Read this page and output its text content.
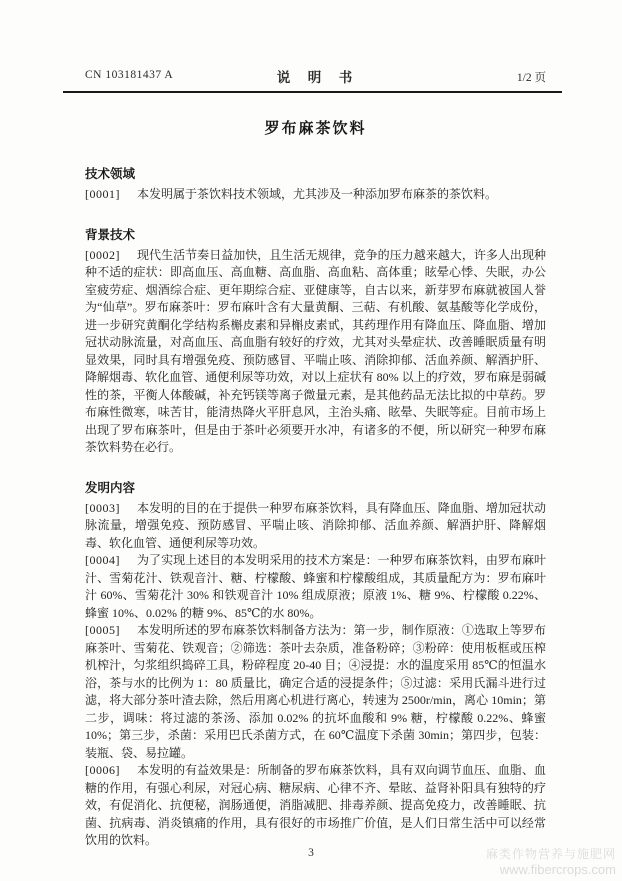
CN 103181437 A	说　明　书	1/2 页
罗布麻茶饮料
技术领域

[0001] 本发明属于茶饮料技术领域，尤其涉及一种添加罗布麻茶的茶饮料。

背景技术

[0002] 现代生活节奏日益加快，且生活无规律，竞争的压力越来越大，许多人出现种种不适的症状：即高血压、高血糖、高血脂、高血粘、高体重；眩晕心悸、失眠，办公室疲劳症、烟酒综合症、更年期综合症、亚健康等，自古以来，新芽罗布麻就被国人誉为“仙草”。罗布麻茶叶：罗布麻叶含有大量黄酮、三萜、有机酸、氨基酸等化学成份，进一步研究黄酮化学结构系槲皮素和异槲皮素甙，其药理作用有降血压、降血脂、增加冠状动脉流量，对高血压、高血脂有较好的疗效，尤其对头晕症状、改善睡眠质量有明显效果，同时具有增强免疫、预防感冒、平喘止咳、消除抑郁、活血养颜、解酒护肝、降解烟毒、软化血管、通便利尿等功效，对以上症状有 80% 以上的疗效，罗布麻是弱碱性的茶，平衡人体酸碱，补充钙镁等离子微量元素，是其他药品无法比拟的中草药。罗布麻性微寒，味苦甘，能清热降火平肝息风，主治头痛、眩晕、失眠等症。目前市场上出现了罗布麻茶叶，但是由于茶叶必须要开水冲，有诸多的不便，所以研究一种罗布麻茶饮料势在必行。

发明内容

[0003] 本发明的目的在于提供一种罗布麻茶饮料，具有降血压、降血脂、增加冠状动脉流量，增强免疫、预防感冒、平喘止咳、消除抑郁、活血养颜、解酒护肝、降解烟毒、软化血管、通便利尿等功效。

[0004] 为了实现上述目的本发明采用的技术方案是：一种罗布麻茶饮料，由罗布麻叶汁、雪菊花汁、铁观音汁、糖、柠檬酸、蜂蜜和柠檬酸组成，其质量配方为：罗布麻叶汁 60%、雪菊花汁 30% 和铁观音汁 10% 组成原液；原液 1%、糖 9%、柠檬酸 0.22%、蜂蜜 10%、0.02% 的糖 9%、85℃的水 80%。

[0005] 本发明所述的罗布麻茶饮料制备方法为：第一步，制作原液：①选取上等罗布麻茶叶、雪菊花、铁观音；②筛选：茶叶去杂质，准备粉碎；③粉碎：使用板框或压榨机榨汁，匀浆组织捣碎工具，粉碎程度 20-40 目；④浸提：水的温度采用 85℃的恒温水浴，茶与水的比例为 1：80 质量比，确定合适的浸提条件；⑤过滤：采用氏漏斗进行过滤，将大部分茶叶渣去除，然后用离心机进行离心，转速为 2500r/min，离心 10min；第二步，调味：将过滤的茶汤、添加 0.02% 的抗坏血酸和 9% 糖，柠檬酸 0.22%、蜂蜜 10%；第三步，杀菌：采用巴氏杀菌方式，在 60℃温度下杀菌 30min；第四步，包装：装瓶、袋、易拉罐。

[0006] 本发明的有益效果是：所制备的罗布麻茶饮料，具有双向调节血压、血脂、血糖的作用，有强心利尿，对冠心病、糖尿病、心律不齐、晕眩、益肾补阳具有独特的疗效，有促消化、抗便秘，润肠通便，消脂减肥、排毒养颜、提高免疫力，改善睡眠、抗菌、抗病毒、消炎镇痛的作用，具有很好的市场推广价值，是人们日常生活中可以经常饮用的饮料。

3	麻类作物营养与施肥网
www.fibercrops.com
